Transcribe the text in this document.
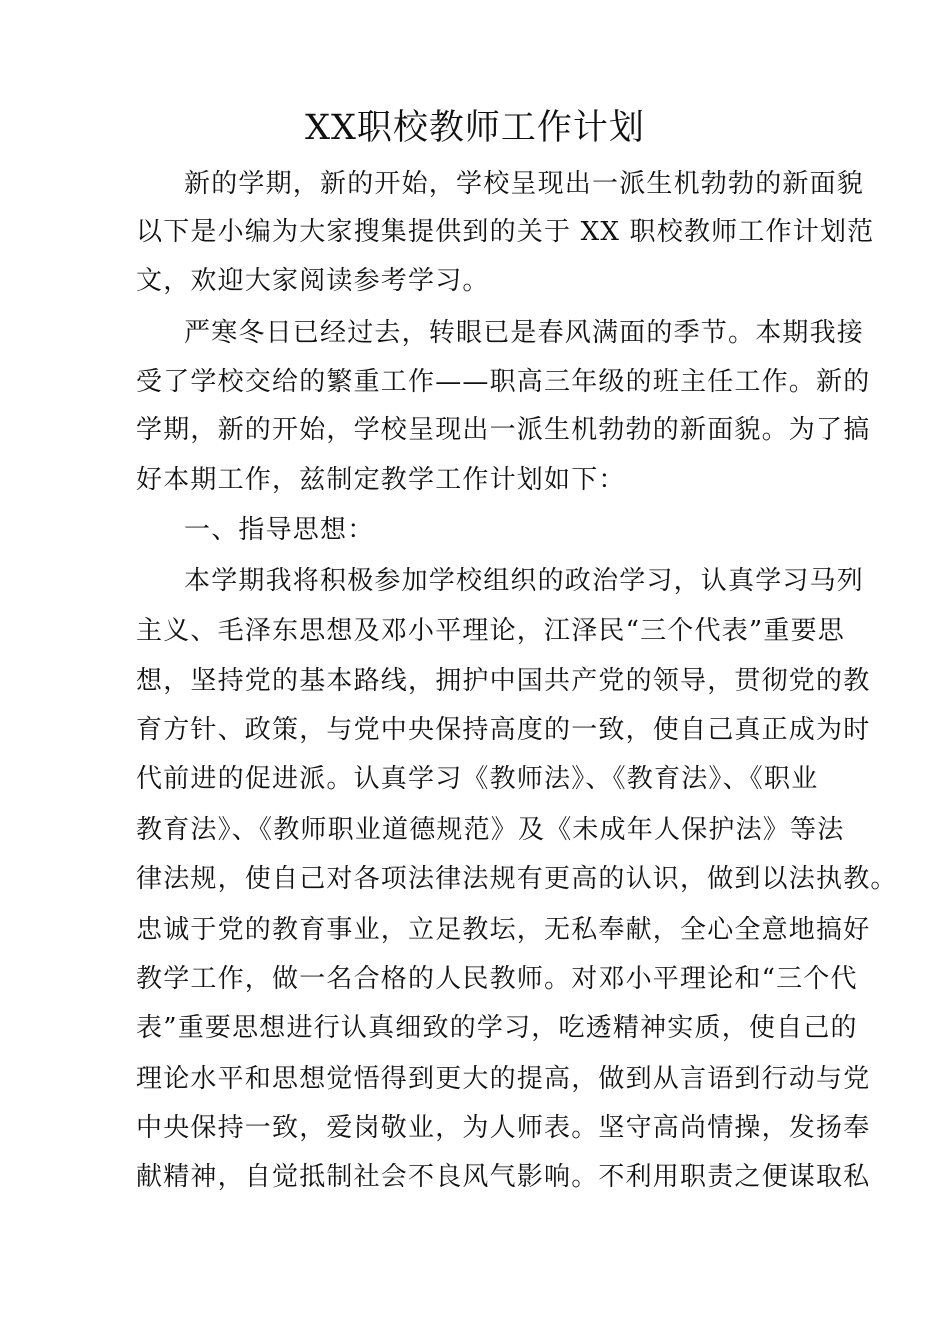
XX职校教师工作计划
新的学期，新的开始，学校呈现出一派生机勃勃的新面貌
以下是小编为大家搜集提供到的关于 XX 职校教师工作计划范
文，欢迎大家阅读参考学习。
严寒冬日已经过去，转眼已是春风满面的季节。本期我接
受了学校交给的繁重工作——职高三年级的班主任工作。新的
学期，新的开始，学校呈现出一派生机勃勃的新面貌。为了搞
好本期工作，兹制定教学工作计划如下：
一、指导思想：
本学期我将积极参加学校组织的政治学习，认真学习马列
主义、毛泽东思想及邓小平理论，江泽民“三个代表”重要思
想，坚持党的基本路线，拥护中国共产党的领导，贯彻党的教
育方针、政策，与党中央保持高度的一致，使自己真正成为时
代前进的促进派。认真学习《教师法》、《教育法》、《职业
教育法》、《教师职业道德规范》及《未成年人保护法》等法
律法规，使自己对各项法律法规有更高的认识，做到以法执教。
忠诚于党的教育事业，立足教坛，无私奉献，全心全意地搞好
教学工作，做一名合格的人民教师。对邓小平理论和“三个代
表”重要思想进行认真细致的学习，吃透精神实质，使自己的
理论水平和思想觉悟得到更大的提高，做到从言语到行动与党
中央保持一致，爱岗敬业，为人师表。坚守高尚情操，发扬奉
献精神，自觉抵制社会不良风气影响。不利用职责之便谋取私
